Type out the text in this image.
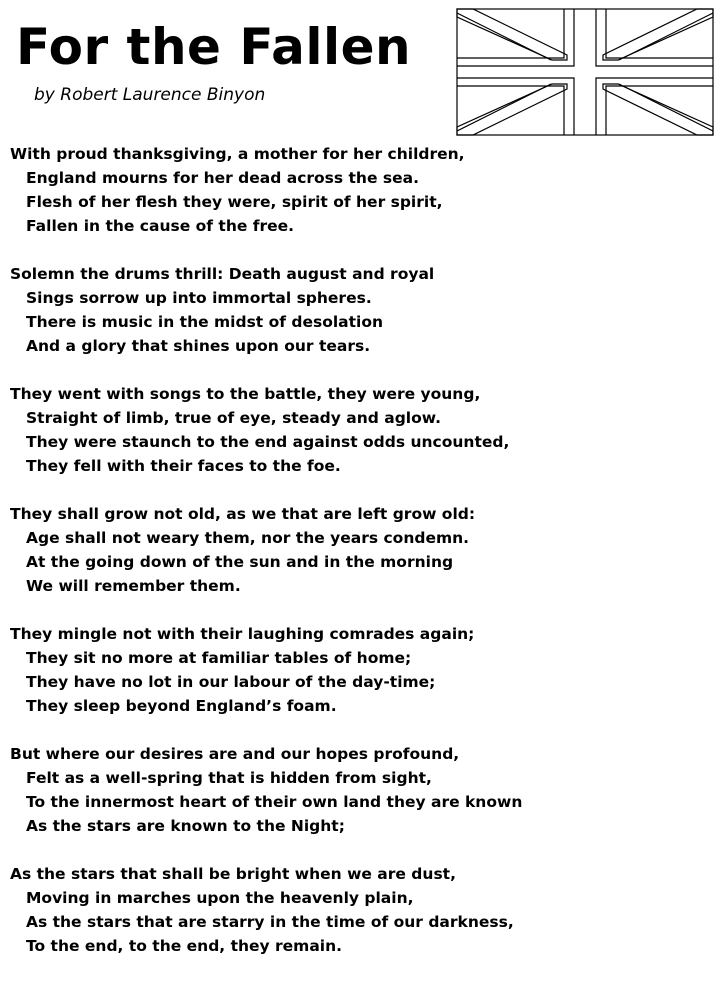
For the Fallen
by Robert Laurence Binyon
With proud thanksgiving, a mother for her children,
England mourns for her dead across the sea.
Flesh of her flesh they were, spirit of her spirit,
Fallen in the cause of the free.
Solemn the drums thrill: Death august and royal
Sings sorrow up into immortal spheres.
There is music in the midst of desolation
And a glory that shines upon our tears.
They went with songs to the battle, they were young,
Straight of limb, true of eye, steady and aglow.
They were staunch to the end against odds uncounted,
They fell with their faces to the foe.
They shall grow not old, as we that are left grow old:
Age shall not weary them, nor the years condemn.
At the going down of the sun and in the morning
We will remember them.
They mingle not with their laughing comrades again;
They sit no more at familiar tables of home;
They have no lot in our labour of the day-time;
They sleep beyond England’s foam.
But where our desires are and our hopes profound,
Felt as a well-spring that is hidden from sight,
To the innermost heart of their own land they are known
As the stars are known to the Night;
As the stars that shall be bright when we are dust,
Moving in marches upon the heavenly plain,
As the stars that are starry in the time of our darkness,
To the end, to the end, they remain.
